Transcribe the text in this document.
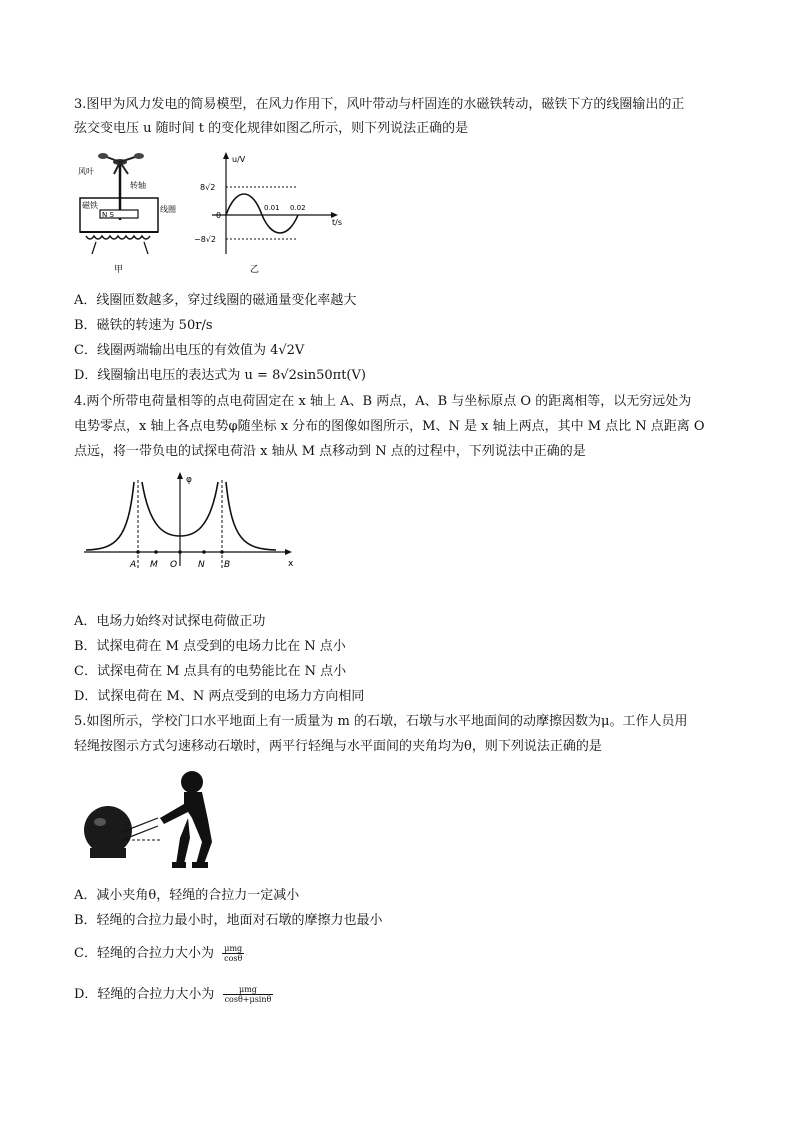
3.图甲为风力发电的简易模型，在风力作用下，风叶带动与杆固连的水磁铁转动，磁铁下方的线圈输出的正
弦交变电压 u 随时间 t 的变化规律如图乙所示，则下列说法正确的是
风叶
转轴
磁铁
N S
线圈
甲
u/V
t/s
8√2
0
−8√2
0.01 0.02
乙
A．线圈匝数越多，穿过线圈的磁通量变化率越大
B．磁铁的转速为 50r/s
C．线圈两端输出电压的有效值为 4√2V
D．线圈输出电压的表达式为 u = 8√2sin50πt(V)
4.两个所带电荷量相等的点电荷固定在 x 轴上 A、B 两点，A、B 与坐标原点 O 的距离相等，以无穷远处为
电势零点，x 轴上各点电势φ随坐标 x 分布的图像如图所示，M、N 是 x 轴上两点，其中 M 点比 N 点距离 O
点远，将一带负电的试探电荷沿 x 轴从 M 点移动到 N 点的过程中，下列说法中正确的是
φ
x
A M O N B
A．电场力始终对试探电荷做正功
B．试探电荷在 M 点受到的电场力比在 N 点小
C．试探电荷在 M 点具有的电势能比在 N 点小
D．试探电荷在 M、N 两点受到的电场力方向相同
5.如图所示，学校门口水平地面上有一质量为 m 的石墩，石墩与水平地面间的动摩擦因数为μ。工作人员用
轻绳按图示方式匀速移动石墩时，两平行轻绳与水平面间的夹角均为θ，则下列说法正确的是
A．减小夹角θ，轻绳的合拉力一定减小
B．轻绳的合拉力最小时，地面对石墩的摩擦力也最小
C．轻绳的合拉力大小为 $\frac{\text{μmg}}{\cos\theta}$
D．轻绳的合拉力大小为 $\frac{\text{μmg}}{\cos\theta+\mu\sin\theta}$
